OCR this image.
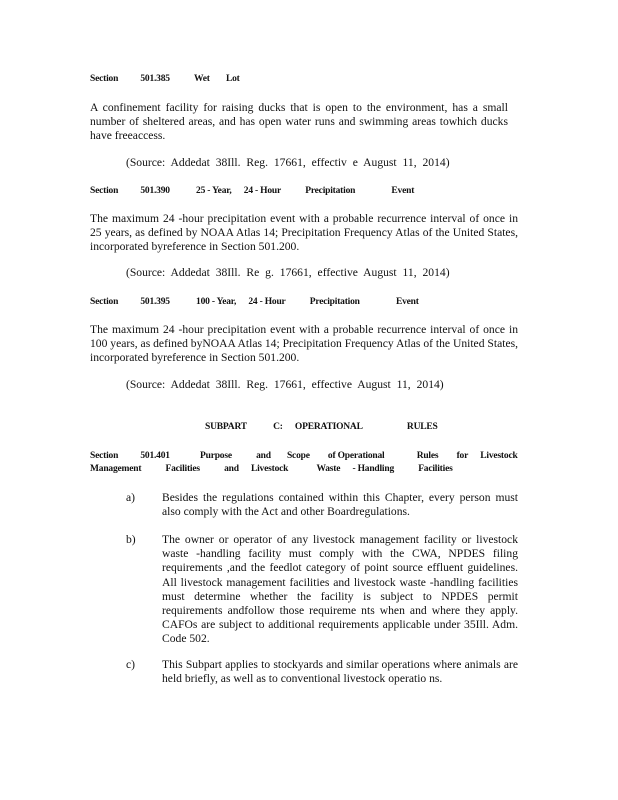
Section 501.385	Wet Lot

A confinement facility for raising ducks that is open to the environment, has a small number of sheltered areas, and has open water runs and swimming areas towhich ducks have freeaccess.

(Source: Addedat 38Ill. Reg. 17661, effectiv e August 11, 2014)

Section 501.390	25 - Year, 24 - Hour	Precipitation	Event

The maximum 24 -hour precipitation event with a probable recurrence interval of once in 25 years, as defined by NOAA Atlas 14; Precipitation Frequency Atlas of the United States, incorporated byreference in Section 501.200.

(Source: Addedat 38Ill. Re g. 17661, effective August 11, 2014)

Section 501.395	100 - Year, 24 - Hour	Precipitation	Event

The maximum 24 -hour precipitation event with a probable recurrence interval of once in 100 years, as defined byNOAA Atlas 14; Precipitation Frequency Atlas of the United States, incorporated byreference in Section 501.200.

(Source: Addedat 38Ill. Reg. 17661, effective August 11, 2014)

SUBPART	C: OPERATIONAL	RULES
Section 501.401	Purpose	and Scope of Operational	Rules for Livestock
Management	Facilities	and Livestock	Waste - Handling	Facilities
a) Besides the regulations contained within this Chapter, every person must also comply with the Act and other Boardregulations.

b) The owner or operator of any livestock management facility or livestock waste -handling facility must comply with the CWA, NPDES filing requirements ,and the feedlot category of point source effluent guidelines. All livestock management facilities and livestock waste -handling facilities must determine whether the facility is subject to NPDES permit requirements andfollow those requireme nts when and where they apply. CAFOs are subject to additional requirements applicable under 35Ill. Adm. Code 502.

c) This Subpart applies to stockyards and similar operations where animals are held briefly, as well as to conventional livestock operatio ns.
